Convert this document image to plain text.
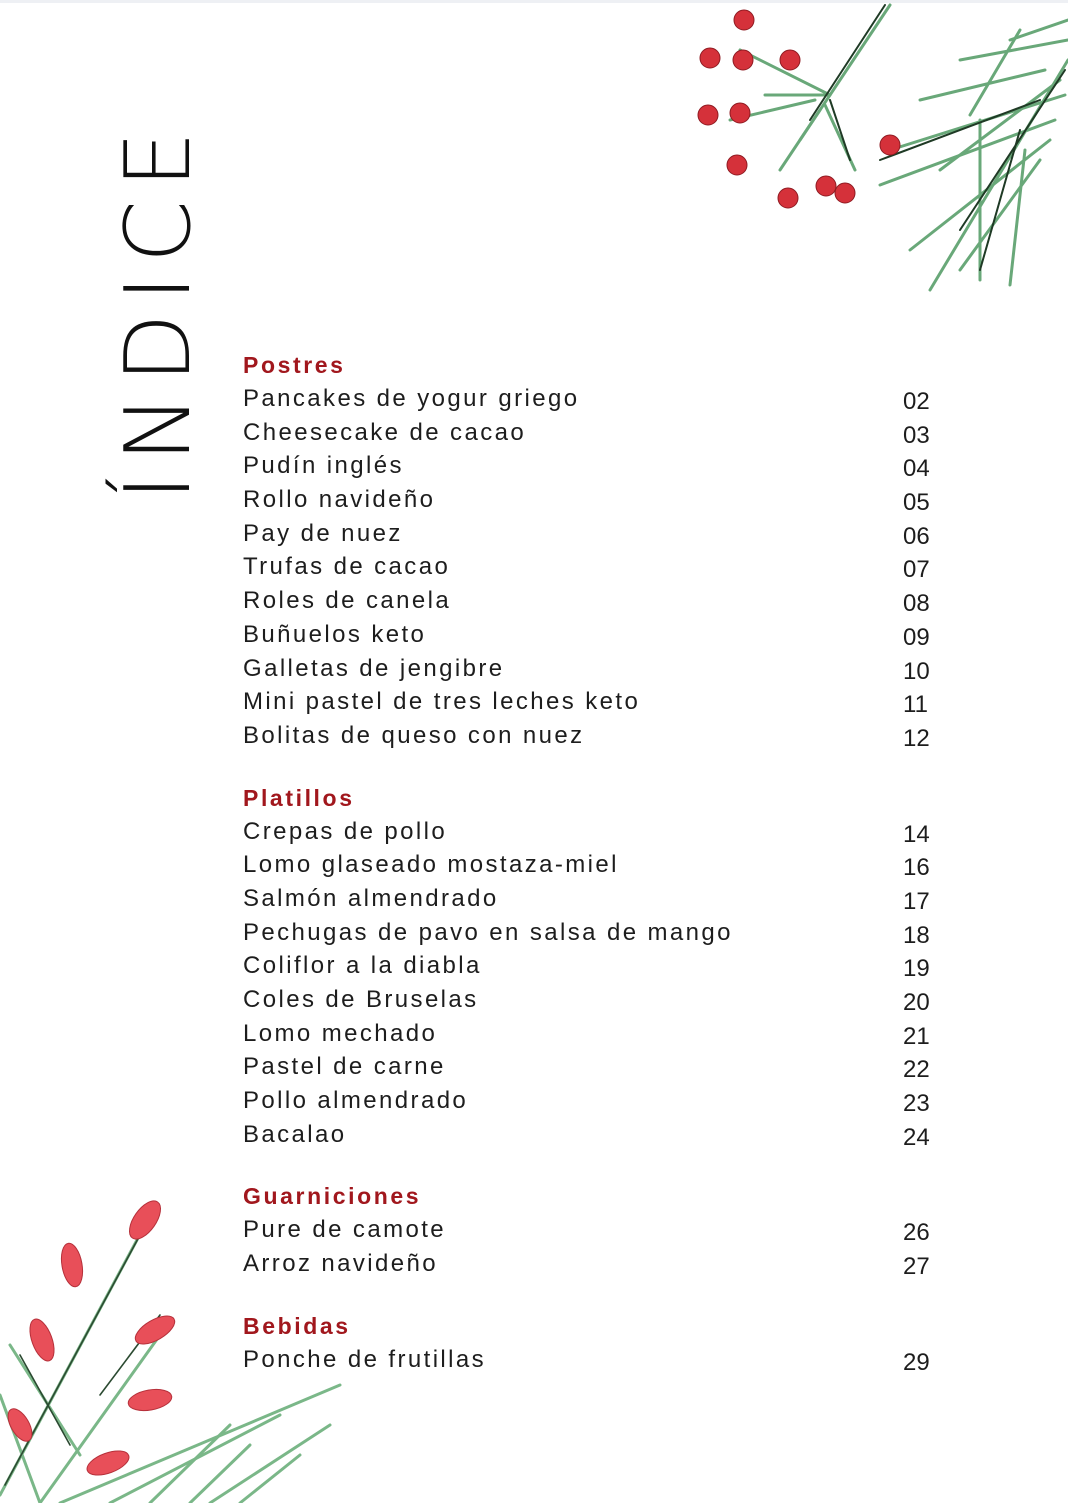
ÍNDICE Postres
Pancakes de yogur griego	02
Cheesecake de cacao	03
Pudín inglés	04
Rollo navideño	05
Pay de nuez	06
Trufas de cacao	07
Roles de canela	08
Buñuelos keto	09
Galletas de jengibre	10
Mini pastel de tres leches keto	11
Bolitas de queso con nuez	12
Platillos
Crepas de pollo	14
Lomo glaseado mostaza-miel	16
Salmón almendrado	17
Pechugas de pavo en salsa de mango	18
Coliflor a la diabla	19
Coles de Bruselas	20
Lomo mechado	21
Pastel de carne	22
Pollo almendrado	23
Bacalao	24
Guarniciones
Pure de camote	26
Arroz navideño	27
Bebidas
Ponche de frutillas	29
